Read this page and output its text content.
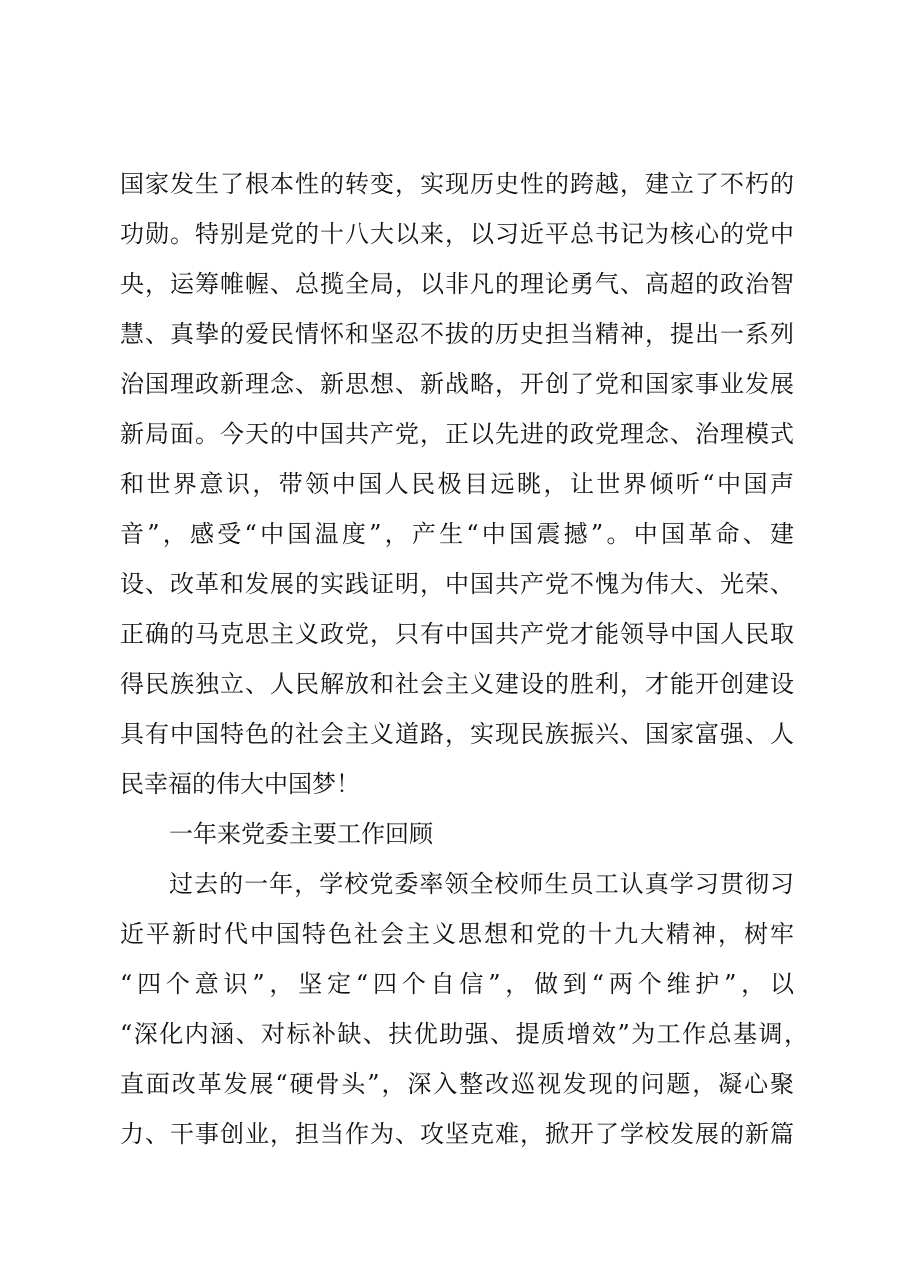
国家发生了根本性的转变，实现历史性的跨越，建立了不朽的
功勋。特别是党的十八大以来，以习近平总书记为核心的党中
央，运筹帷幄、总揽全局，以非凡的理论勇气、高超的政治智
慧、真挚的爱民情怀和坚忍不拔的历史担当精神，提出一系列
治国理政新理念、新思想、新战略，开创了党和国家事业发展
新局面。今天的中国共产党，正以先进的政党理念、治理模式
和世界意识，带领中国人民极目远眺，让世界倾听“中国声
音”，感受“中国温度”，产生“中国震撼”。中国革命、建
设、改革和发展的实践证明，中国共产党不愧为伟大、光荣、
正确的马克思主义政党，只有中国共产党才能领导中国人民取
得民族独立、人民解放和社会主义建设的胜利，才能开创建设
具有中国特色的社会主义道路，实现民族振兴、国家富强、人
民幸福的伟大中国梦！
一年来党委主要工作回顾
过去的一年，学校党委率领全校师生员工认真学习贯彻习
近平新时代中国特色社会主义思想和党的十九大精神，树牢
“四个意识”，坚定“四个自信”，做到“两个维护”，以
“深化内涵、对标补缺、扶优助强、提质增效”为工作总基调，
直面改革发展“硬骨头”，深入整改巡视发现的问题，凝心聚
力、干事创业，担当作为、攻坚克难，掀开了学校发展的新篇
